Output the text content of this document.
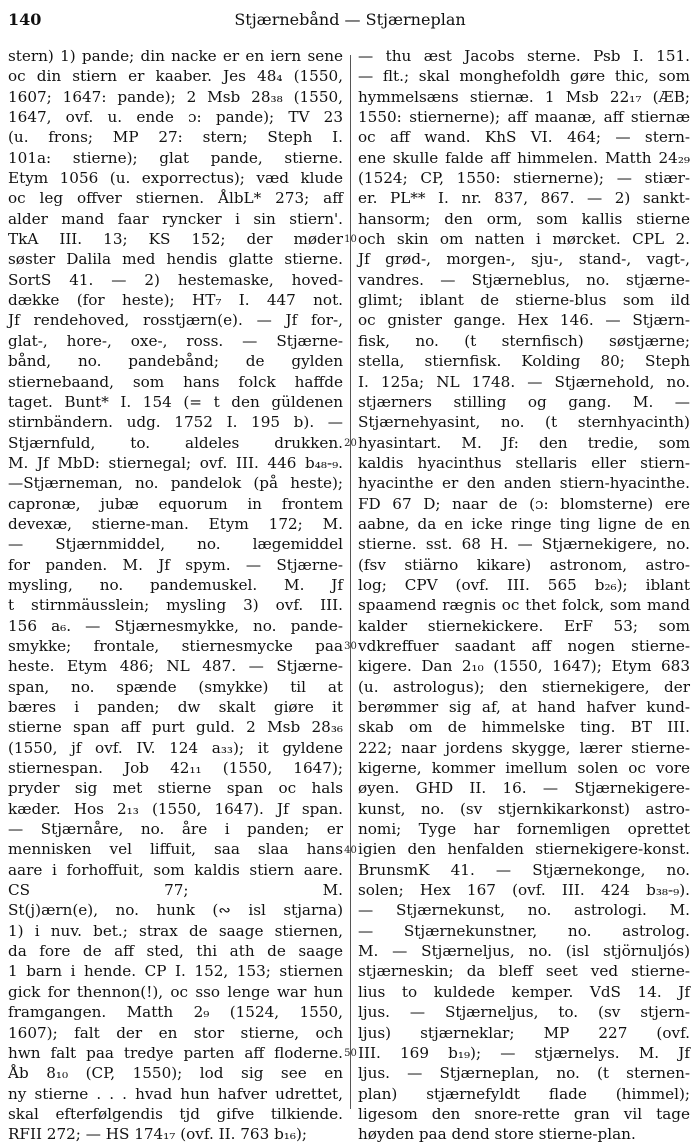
140	Stjærnebånd — Stjærneplan
stern) 1) pande; din nacke er en iern sene
oc din stiern er kaaber. Jes 48₄ (1550,
1607; 1647: pande); 2 Msb 28₃₈ (1550,
1647, ovf. u. ende ɔ: pande); TV 23
(u. frons; MP 27: stern; Steph I.
101a: stierne); glat pande, stierne.
Etym 1056 (u. exporrectus); væd klude
oc leg offver stiernen. ÅlbL* 273; aff
alder mand faar ryncker i sin stiern'.
TkA III. 13; KS 152; der møder
søster Dalila med hendis glatte stierne.
SortS 41. — 2) hestemaske, hoved-
dække (for heste); HT₇ I. 447 not.
Jf rendehoved, rosstjærn(e). — Jf for-,
glat-, hore-, oxe-, ross. — Stjærne-
bånd, no. pandebånd; de gylden
stiernebaand, som hans folck haffde
taget. Bunt* I. 154 (= t den güldenen
stirnbändern. udg. 1752 I. 195 b). —
Stjærnfuld, to. aldeles drukken.
M. Jf MbD: stiernegal; ovf. III. 446 b₄₈-₉.
—Stjærneman, no. pandelok (på heste);
capronæ, jubæ equorum in frontem
devexæ, stierne-man. Etym 172; M.
— Stjærnmiddel, no. lægemiddel
for panden. M. Jf spym. — Stjærne-
mysling, no. pandemuskel. M. Jf
t stirnmäusslein; mysling 3) ovf. III.
156 a₆. — Stjærnesmykke, no. pande-
smykke; frontale, stiernesmycke paa
heste. Etym 486; NL 487. — Stjærne-
span, no. spænde (smykke) til at
bæres i panden; dw skalt giøre it
stierne span aff purt guld. 2 Msb 28₃₆
(1550, jf ovf. IV. 124 a₃₃); it gyldene
stiernespan. Job 42₁₁ (1550, 1647);
pryder sig met stierne span oc hals
kæder. Hos 2₁₃ (1550, 1647). Jf span.
— Stjærnåre, no. åre i panden; er
mennisken vel liffuit, saa slaa hans
aare i forhoffuit, som kaldis stiern aare.
CS 77; M.
St(j)ærn(e), no. hunk (∾ isl stjarna)
1) i nuv. bet.; strax de saage stiernen,
da fore de aff sted, thi ath de saage
1 barn i hende. CP I. 152, 153; stiernen
gick for thennon(!), oc sso lenge war hun
framgangen. Matth 2₉ (1524, 1550,
1607); falt der en stor stierne, och
hwn falt paa tredye parten aff floderne.
Åb 8₁₀ (CP, 1550); lod sig see en
ny stierne . . . hvad hun hafver udrettet,
skal efterfølgendis tjd gifve tilkiende.
RFII 272; — HS 174₁₇ (ovf. II. 763 b₁₆);
10
20
30
40
50
— thu æst Jacobs sterne. Psb I. 151.
— flt.; skal monghefoldh gøre thic, som
hymmelsæns stiernæ. 1 Msb 22₁₇ (ÆB;
1550: stiernerne); aff maanæ, aff stiernæ
oc aff wand. KhS VI. 464; — stern-
ene skulle falde aff himmelen. Matth 24₂₉
(1524; CP, 1550: stiernerne); — stiær-
er. PL** I. nr. 837, 867. — 2) sankt-
hansorm; den orm, som kallis stierne
och skin om natten i mørcket. CPL 2.
Jf grød-, morgen-, sju-, stand-, vagt-,
vandres. — Stjærneblus, no. stjærne-
glimt; iblant de stierne-blus som ild
oc gnister gange. Hex 146. — Stjærn-
fisk, no. (t sternfisch) søstjærne;
stella, stiernfisk. Kolding 80; Steph
I. 125a; NL 1748. — Stjærnehold, no.
stjærners stilling og gang. M. —
Stjærnehyasint, no. (t sternhyacinth)
hyasintart. M. Jf: den tredie, som
kaldis hyacinthus stellaris eller stiern-
hyacinthe er den anden stiern-hyacinthe.
FD 67 D; naar de (ɔ: blomsterne) ere
aabne, da en icke ringe ting ligne de en
stierne. sst. 68 H. — Stjærnekigere, no.
(fsv stiärno kikare) astronom, astro-
log; CPV (ovf. III. 565 b₂₆); iblant
spaamend rægnis oc thet folck, som mand
kalder stiernekickere. ErF 53; som
vdkreffuer saadant aff nogen stierne-
kigere. Dan 2₁₀ (1550, 1647); Etym 683
(u. astrologus); den stiernekigere, der
berømmer sig af, at hand hafver kund-
skab om de himmelske ting. BT III.
222; naar jordens skygge, lærer stierne-
kigerne, kommer imellum solen oc vore
øyen. GHD II. 16. — Stjærnekigere-
kunst, no. (sv stjernkikarkonst) astro-
nomi; Tyge har fornemligen oprettet
igien den henfalden stiernekigere-konst.
BrunsmK 41. — Stjærnekonge, no.
solen; Hex 167 (ovf. III. 424 b₃₈-₉).
— Stjærnekunst, no. astrologi. M.
— Stjærnekunstner, no. astrolog.
M. — Stjærneljus, no. (isl stjörnuljós)
stjærneskin; da bleff seet ved stierne-
lius to kuldede kemper. VdS 14. Jf
ljus. — Stjærneljus, to. (sv stjern-
ljus) stjærneklar; MP 227 (ovf.
III. 169 b₁₉); — stjærnelys. M. Jf
ljus. — Stjærneplan, no. (t sternen-
plan) stjærnefyldt flade (himmel);
ligesom den snore-rette gran vil tage
høyden paa dend store stierne-plan.
